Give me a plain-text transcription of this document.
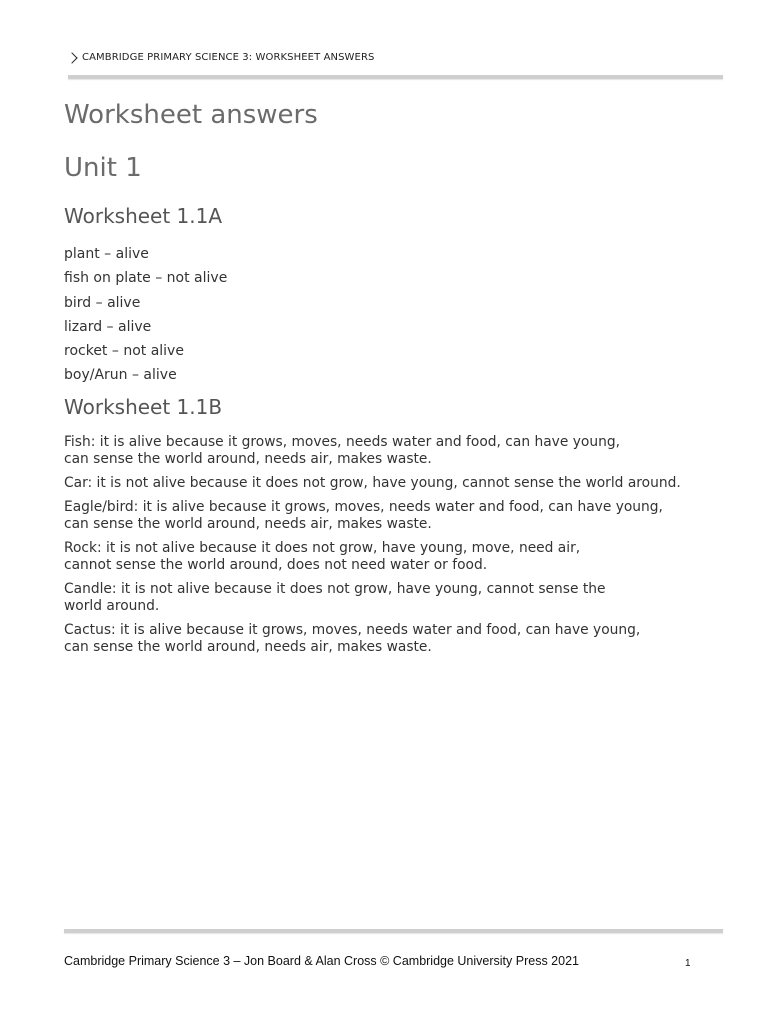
CAMBRIDGE PRIMARY SCIENCE 3: WORKSHEET ANSWERS
Worksheet answers
Unit 1
Worksheet 1.1A
plant – alive
fish on plate – not alive
bird – alive
lizard – alive
rocket – not alive
boy/Arun – alive
Worksheet 1.1B
Fish: it is alive because it grows, moves, needs water and food, can have young,
can sense the world around, needs air, makes waste.
Car: it is not alive because it does not grow, have young, cannot sense the world around.
Eagle/bird: it is alive because it grows, moves, needs water and food, can have young,
can sense the world around, needs air, makes waste.
Rock: it is not alive because it does not grow, have young, move, need air,
cannot sense the world around, does not need water or food.
Candle: it is not alive because it does not grow, have young, cannot sense the
world around.
Cactus: it is alive because it grows, moves, needs water and food, can have young,
can sense the world around, needs air, makes waste.
Cambridge Primary Science 3 – Jon Board & Alan Cross © Cambridge University Press 2021	1
